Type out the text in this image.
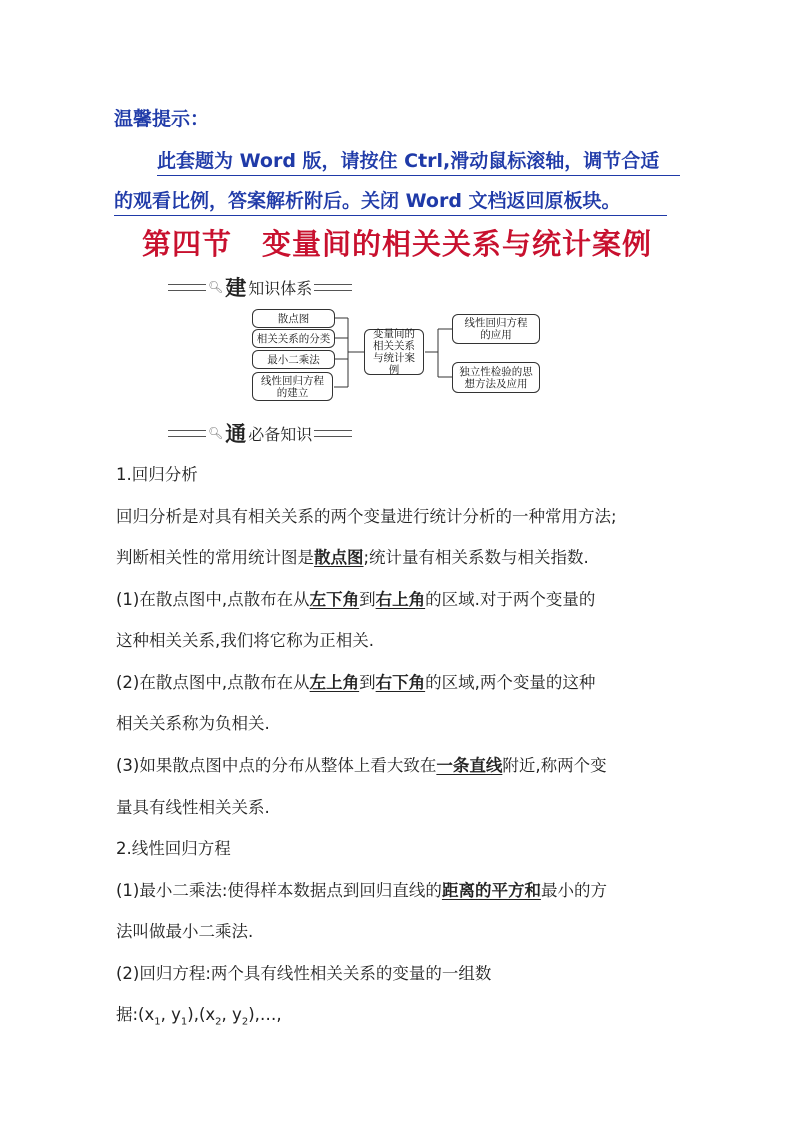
温馨提示：
此套题为 Word 版，请按住 Ctrl,滑动鼠标滚轴，调节合适
的观看比例，答案解析附后。关闭 Word 文档返回原板块。
第四节　变量间的相关关系与统计案例
🔍︎ 建 知识体系
散点图
相关关系的分类
最小二乘法
线性回归方程的建立
变量间的相关关系与统计案例
线性回归方程的应用
独立性检验的思想方法及应用
🔍︎ 通 必备知识
1.回归分析
回归分析是对具有相关关系的两个变量进行统计分析的一种常用方法;
判断相关性的常用统计图是散点图;统计量有相关系数与相关指数.
(1)在散点图中,点散布在从左下角到右上角的区域.对于两个变量的
这种相关关系,我们将它称为正相关.
(2)在散点图中,点散布在从左上角到右下角的区域,两个变量的这种
相关关系称为负相关.
(3)如果散点图中点的分布从整体上看大致在一条直线附近,称两个变
量具有线性相关关系.
2.线性回归方程
(1)最小二乘法:使得样本数据点到回归直线的距离的平方和最小的方
法叫做最小二乘法.
(2)回归方程:两个具有线性相关关系的变量的一组数
据$:(x_1$, $y_1),(x_2$, $y_2),\dots$,
